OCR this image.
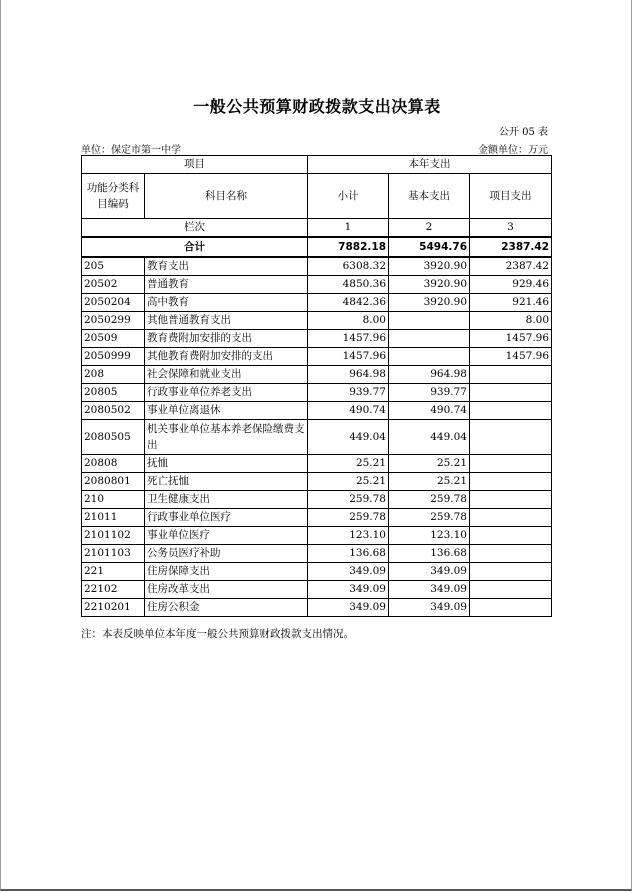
一般公共预算财政拨款支出决算表
公开 05 表
单位：保定市第一中学	金额单位：万元
项目		本年支出		
功能分类科目编码	科目名称	小计	基本支出	项目支出
栏次		1	2	3
合计		7882.18	5494.76	2387.42
205	教育支出	6308.32	3920.90	2387.42
20502	普通教育	4850.36	3920.90	929.46
2050204	高中教育	4842.36	3920.90	921.46
2050299	其他普通教育支出	8.00		8.00
20509	教育费附加安排的支出	1457.96		1457.96
2050999	其他教育费附加安排的支出	1457.96		1457.96
208	社会保障和就业支出	964.98	964.98	
20805	行政事业单位养老支出	939.77	939.77	
2080502	事业单位离退休	490.74	490.74	
2080505	机关事业单位基本养老保险缴费支出	449.04	449.04	
20808	抚恤	25.21	25.21	
2080801	死亡抚恤	25.21	25.21	
210	卫生健康支出	259.78	259.78	
21011	行政事业单位医疗	259.78	259.78	
2101102	事业单位医疗	123.10	123.10	
2101103	公务员医疗补助	136.68	136.68	
221	住房保障支出	349.09	349.09	
22102	住房改革支出	349.09	349.09	
2210201	住房公积金	349.09	349.09	
注：本表反映单位本年度一般公共预算财政拨款支出情况。
